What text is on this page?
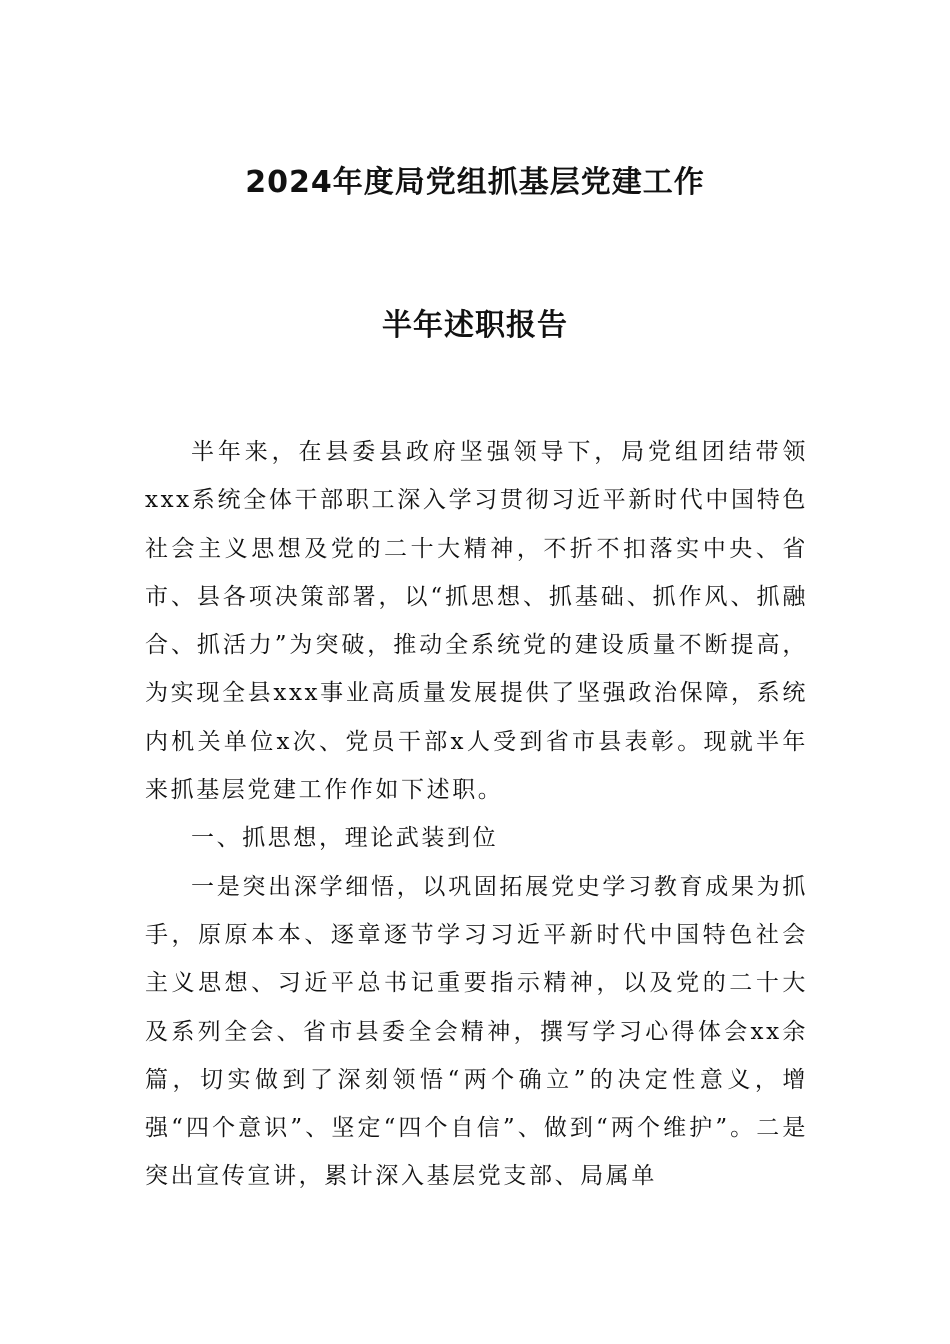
2024年度局党组抓基层党建工作
半年述职报告

半年来，在县委县政府坚强领导下，局党组团结带领xxx系统全体干部职工深入学习贯彻习近平新时代中国特色社会主义思想及党的二十大精神，不折不扣落实中央、省市、县各项决策部署，以“抓思想、抓基础、抓作风、抓融合、抓活力”为突破，推动全系统党的建设质量不断提高，为实现全县xxx事业高质量发展提供了坚强政治保障，系统内机关单位x次、党员干部x人受到省市县表彰。现就半年来抓基层党建工作作如下述职。

一、抓思想，理论武装到位

一是突出深学细悟，以巩固拓展党史学习教育成果为抓手，原原本本、逐章逐节学习习近平新时代中国特色社会主义思想、习近平总书记重要指示精神，以及党的二十大及系列全会、省市县委全会精神，撰写学习心得体会xx余篇，切实做到了深刻领悟“两个确立”的决定性意义，增强“四个意识”、坚定“四个自信”、做到“两个维护”。二是突出宣传宣讲，累计深入基层党支部、局属单
